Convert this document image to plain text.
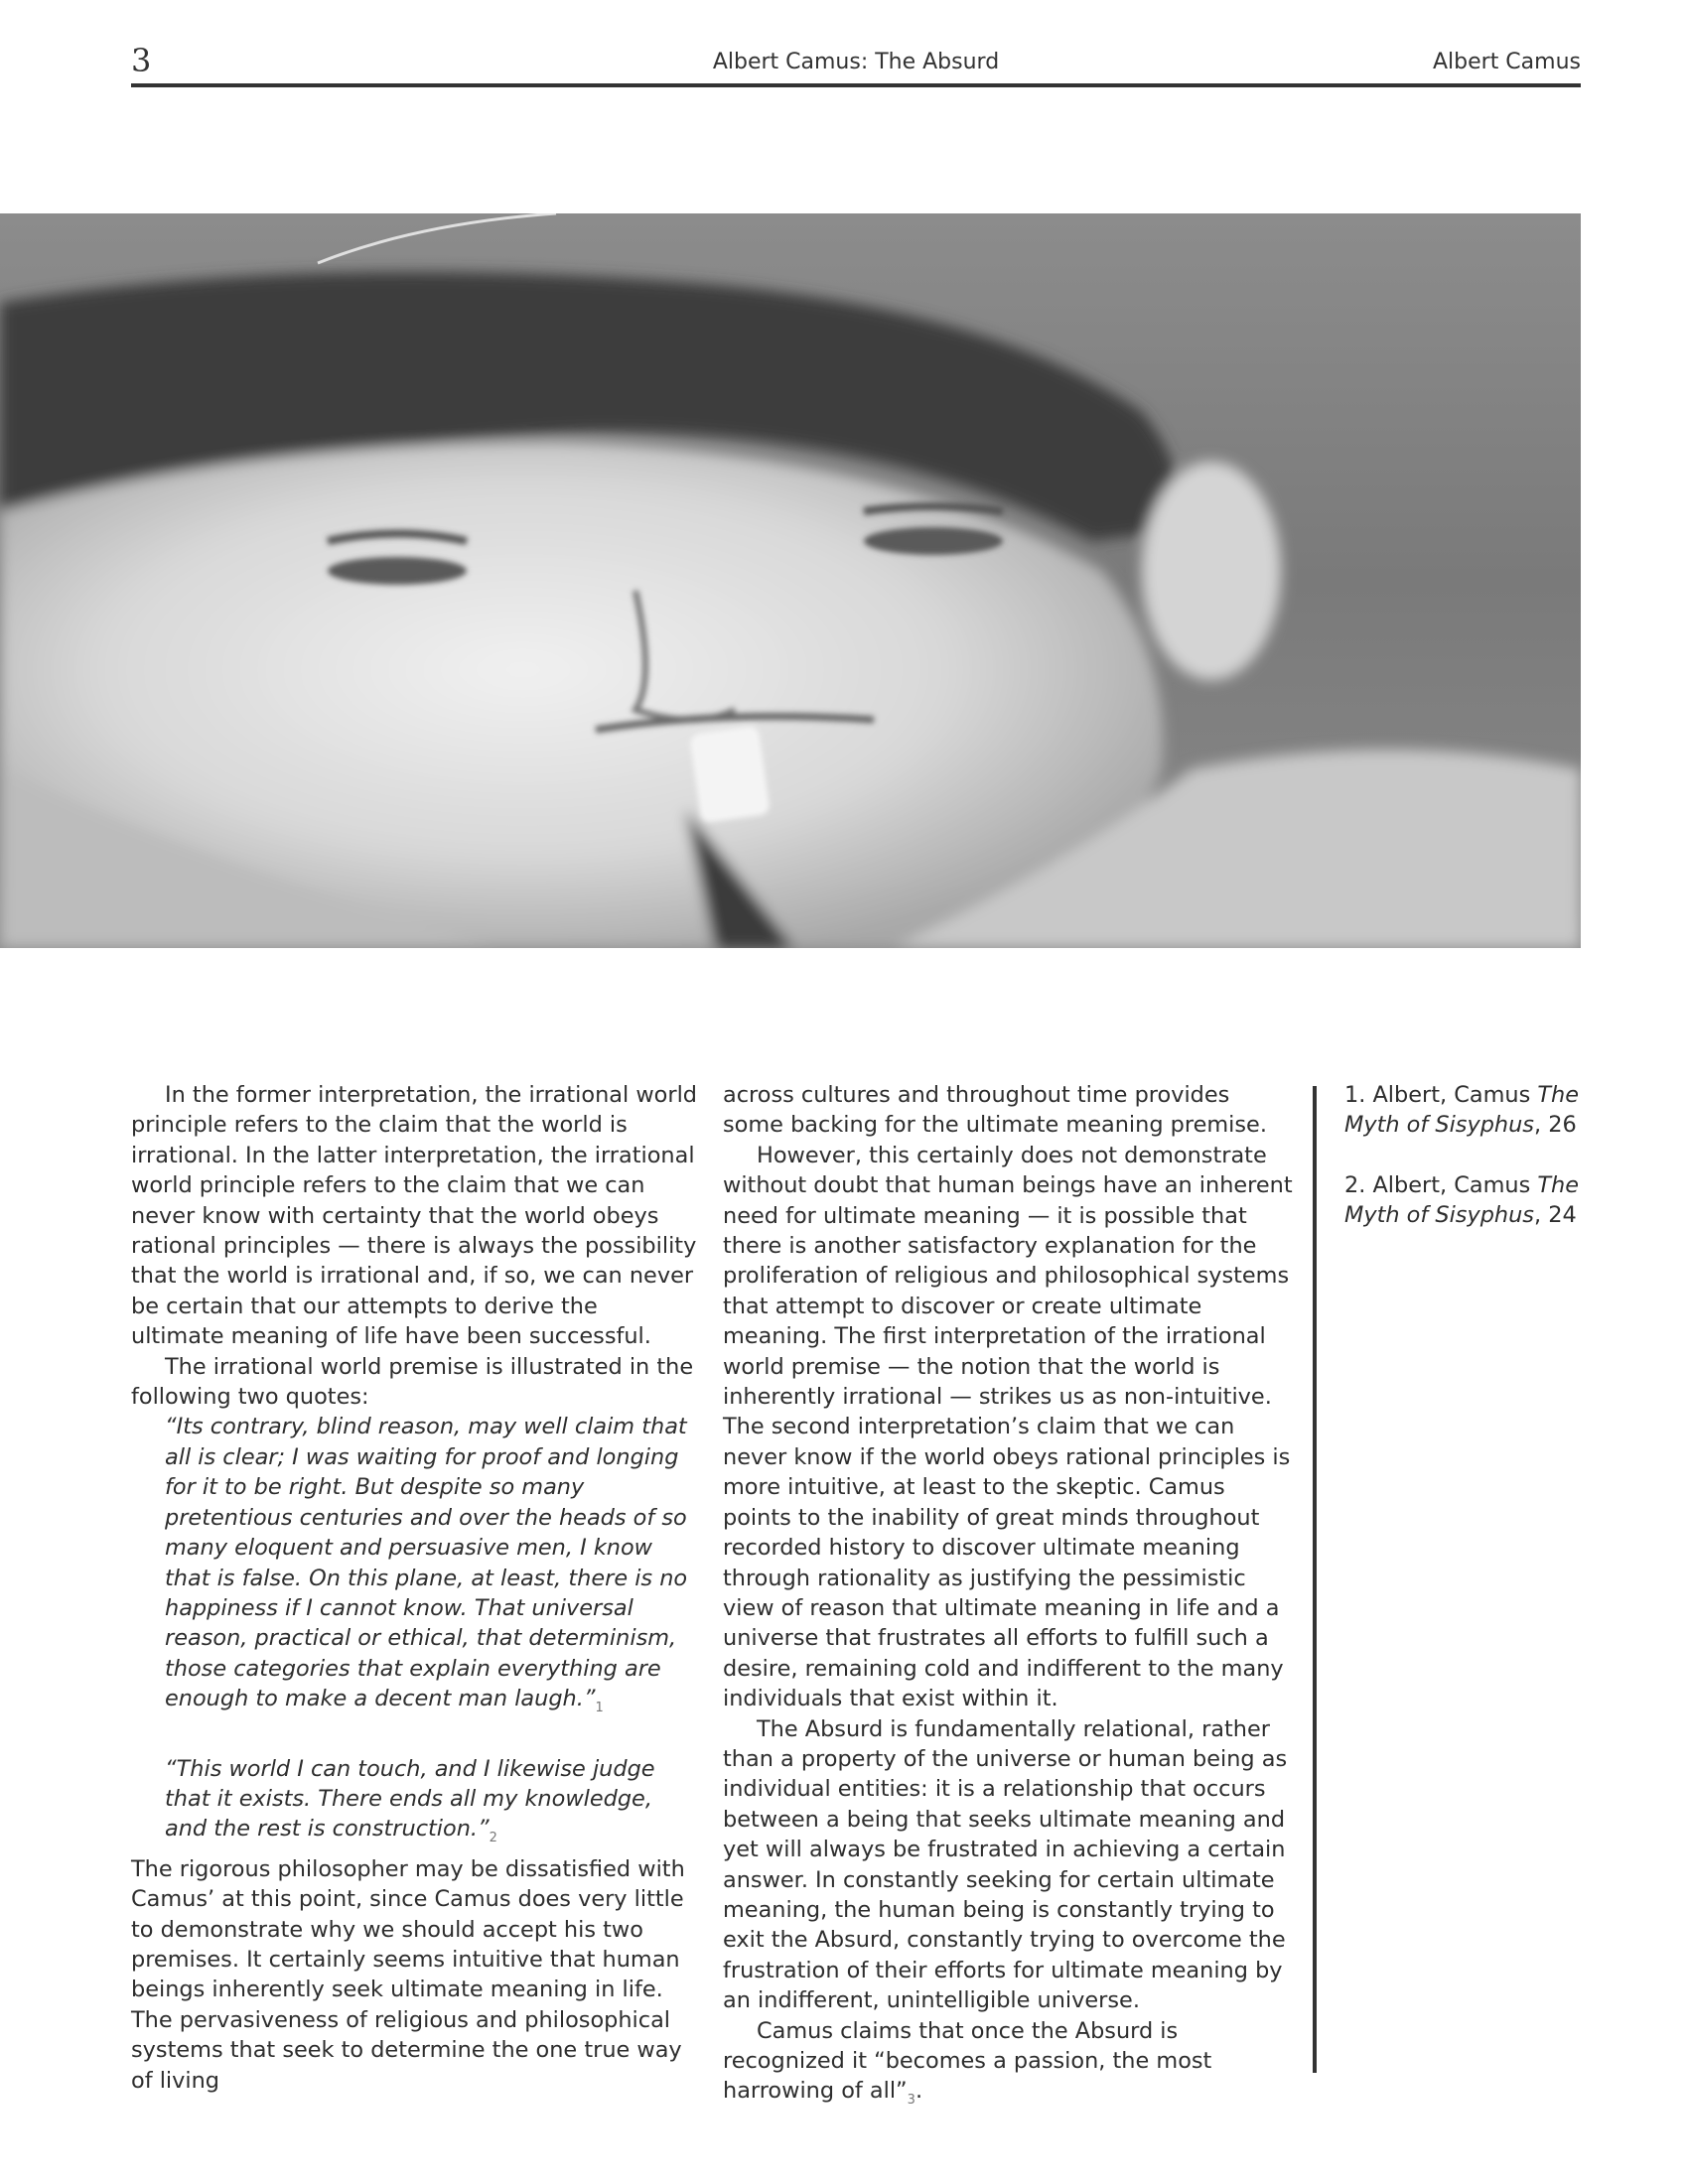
3	Albert Camus: The Absurd	Albert Camus

In the former interpretation, the irrational world principle refers to the claim that the world is irrational. In the latter interpretation, the irrational world principle refers to the claim that we can never know with certainty that the world obeys rational principles — there is always the possibility that the world is irrational and, if so, we can never be certain that our attempts to derive the ultimate meaning of life have been successful.

The irrational world premise is illustrated in the following two quotes:

“Its contrary, blind reason, may well claim that all is clear; I was waiting for proof and longing for it to be right. But despite so many pretentious centuries and over the heads of so many eloquent and persuasive men, I know that is false. On this plane, at least, there is no happiness if I cannot know. That universal reason, practical or ethical, that determinism, those categories that explain everything are enough to make a decent man $laugh.”_1$

“This world I can touch, and I likewise judge that it exists. There ends all my knowledge, and the rest is $construction.”_2$

The rigorous philosopher may be dissatisfied with Camus’ at this point, since Camus does very little to demonstrate why we should accept his two premises. It certainly seems intuitive that human beings inherently seek ultimate meaning in life. The pervasiveness of religious and philosophical systems that seek to determine the one true way of living

across cultures and throughout time provides some backing for the ultimate meaning premise.

However, this certainly does not demonstrate without doubt that human beings have an inherent need for ultimate meaning — it is possible that there is another satisfactory explanation for the proliferation of religious and philosophical systems that attempt to discover or create ultimate meaning. The first interpretation of the irrational world premise — the notion that the world is inherently irrational — strikes us as non-intuitive. The second interpretation’s claim that we can never know if the world obeys rational principles is more intuitive, at least to the skeptic. Camus points to the inability of great minds throughout recorded history to discover ultimate meaning through rationality as justifying the pessimistic view of reason that ultimate meaning in life and a universe that frustrates all efforts to fulfill such a desire, remaining cold and indifferent to the many individuals that exist within it.

The Absurd is fundamentally relational, rather than a property of the universe or human being as individual entities: it is a relationship that occurs between a being that seeks ultimate meaning and yet will always be frustrated in achieving a certain answer. In constantly seeking for certain ultimate meaning, the human being is constantly trying to exit the Absurd, constantly trying to overcome the frustration of their efforts for ultimate meaning by an indifferent, unintelligible universe.

Camus claims that once the Absurd is recognized it “becomes a passion, the most harrowing of $all”_3$.

1. Albert, Camus The Myth of Sisyphus, 26

2. Albert, Camus The Myth of Sisyphus, 24
